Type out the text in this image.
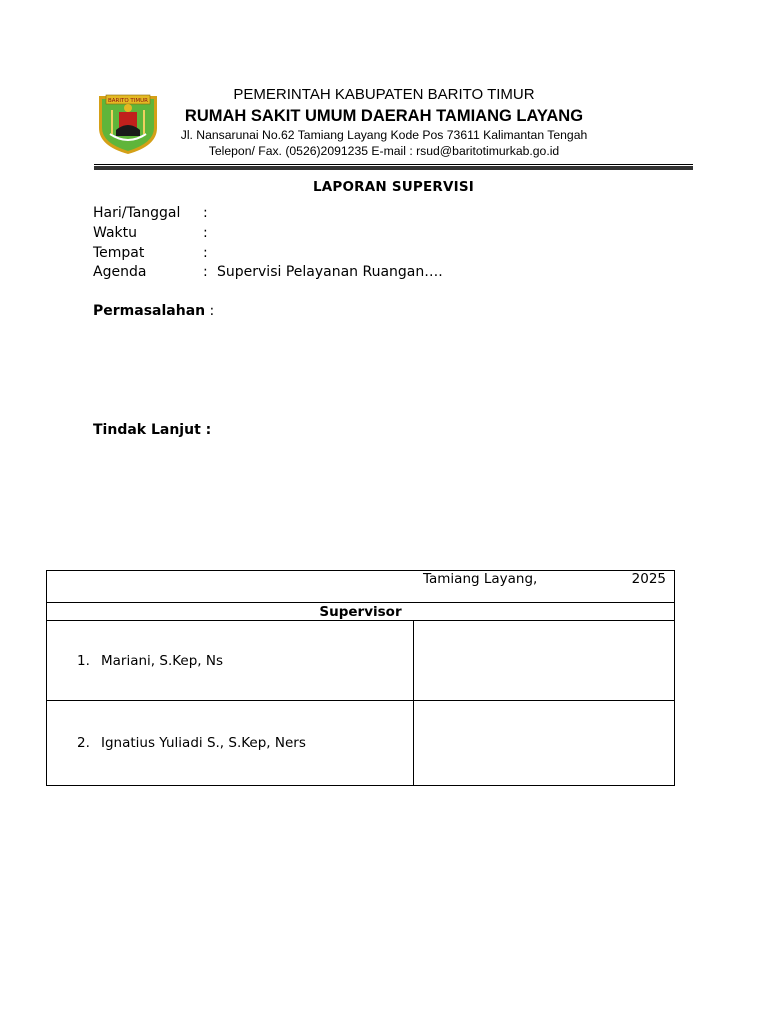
BARITO TIMUR	PEMERINTAH KABUPATEN BARITO TIMUR
RUMAH SAKIT UMUM DAERAH TAMIANG LAYANG
Jl. Nansarunai No.62 Tamiang Layang Kode Pos 73611 Kalimantan Tengah
Telepon/ Fax. (0526)2091235 E-mail : rsud@baritotimurkab.go.id
LAPORAN SUPERVISI
Hari/Tanggal :
Waktu	:
Tempat	:
Agenda	: Supervisi Pelayanan Ruangan….
Permasalahan :
Tindak Lanjut :
Tamiang Layang, 2025	

Supervisor	
1. Mariani, S.Kep, Ns	
2. Ignatius Yuliadi S., S.Kep, Ners	
